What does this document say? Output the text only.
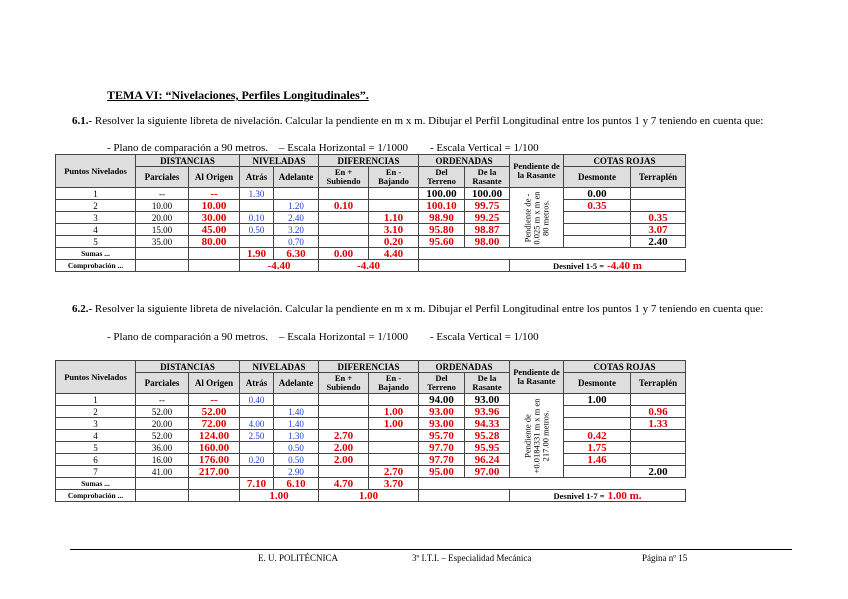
TEMA VI: “Nivelaciones, Perfiles Longitudinales”.
6.1.- Resolver la siguiente libreta de nivelación. Calcular la pendiente en m x m. Dibujar el Perfil Longitudinal entre los puntos 1 y 7 teniendo en cuenta que:
- Plano de comparación a 90 metros. – Escala Horizontal = 1/1000 - Escala Vertical = 1/100
Puntos Nivelados	DISTANCIAS		NIVELADAS		DIFERENCIAS		ORDENADAS		Pendiente de la Rasante	COTAS ROJAS	
	Parciales	Al Origen	Atrás	Adelante	En + Subiendo	En - Bajando	Del Terreno	De la Rasante		Desmonte	Terraplén
1	--	--	1.30				100.00	100.00	Pendiente de - 0.025 m x m en 80 metros.	0.00	
2	10.00	10.00		1.20	0.10		100.10	99.75		0.35	
3	20.00	30.00	0.10	2.40		1.10	98.90	99.25			0.35
4	15.00	45.00	0.50	3.20		3.10	95.80	98.87			3.07
5	35.00	80.00		0.70		0.20	95.60	98.00			2.40
Sumas ...			1.90	6.30	0.00	4.40					
Comprobación ...			-4.40		-4.40				Desnivel 1-5 = -4.40 m		
6.2.- Resolver la siguiente libreta de nivelación. Calcular la pendiente en m x m. Dibujar el Perfil Longitudinal entre los puntos 1 y 7 teniendo en cuenta que:
- Plano de comparación a 90 metros. – Escala Horizontal = 1/1000 - Escala Vertical = 1/100
Puntos Nivelados	DISTANCIAS		NIVELADAS		DIFERENCIAS		ORDENADAS		Pendiente de la Rasante	COTAS ROJAS	
	Parciales	Al Origen	Atrás	Adelante	En + Subiendo	En - Bajando	Del Terreno	De la Rasante		Desmonte	Terraplén
1	--	--	0.40				94.00	93.00	Pendiente de +0.0184331 m x m en 217.00 metros.	1.00	
2	52.00	52.00		1.40		1.00	93.00	93.96			0.96
3	20.00	72.00	4.00	1.40		1.00	93.00	94.33			1.33
4	52.00	124.00	2.50	1.30	2.70		95.70	95.28		0.42	
5	36.00	160.00		0.50	2.00		97.70	95.95		1.75	
6	16.00	176.00	0.20	0.50	2.00		97.70	96.24		1.46	
7	41.00	217.00		2.90		2.70	95.00	97.00			2.00
Sumas ...			7.10	6.10	4.70	3.70					
Comprobación ...			1.00		1.00				Desnivel 1-7 = 1.00 m.		
E. U. POLITÉCNICA	3º I.T.I. – Especialidad Mecánica	Página nº 15
